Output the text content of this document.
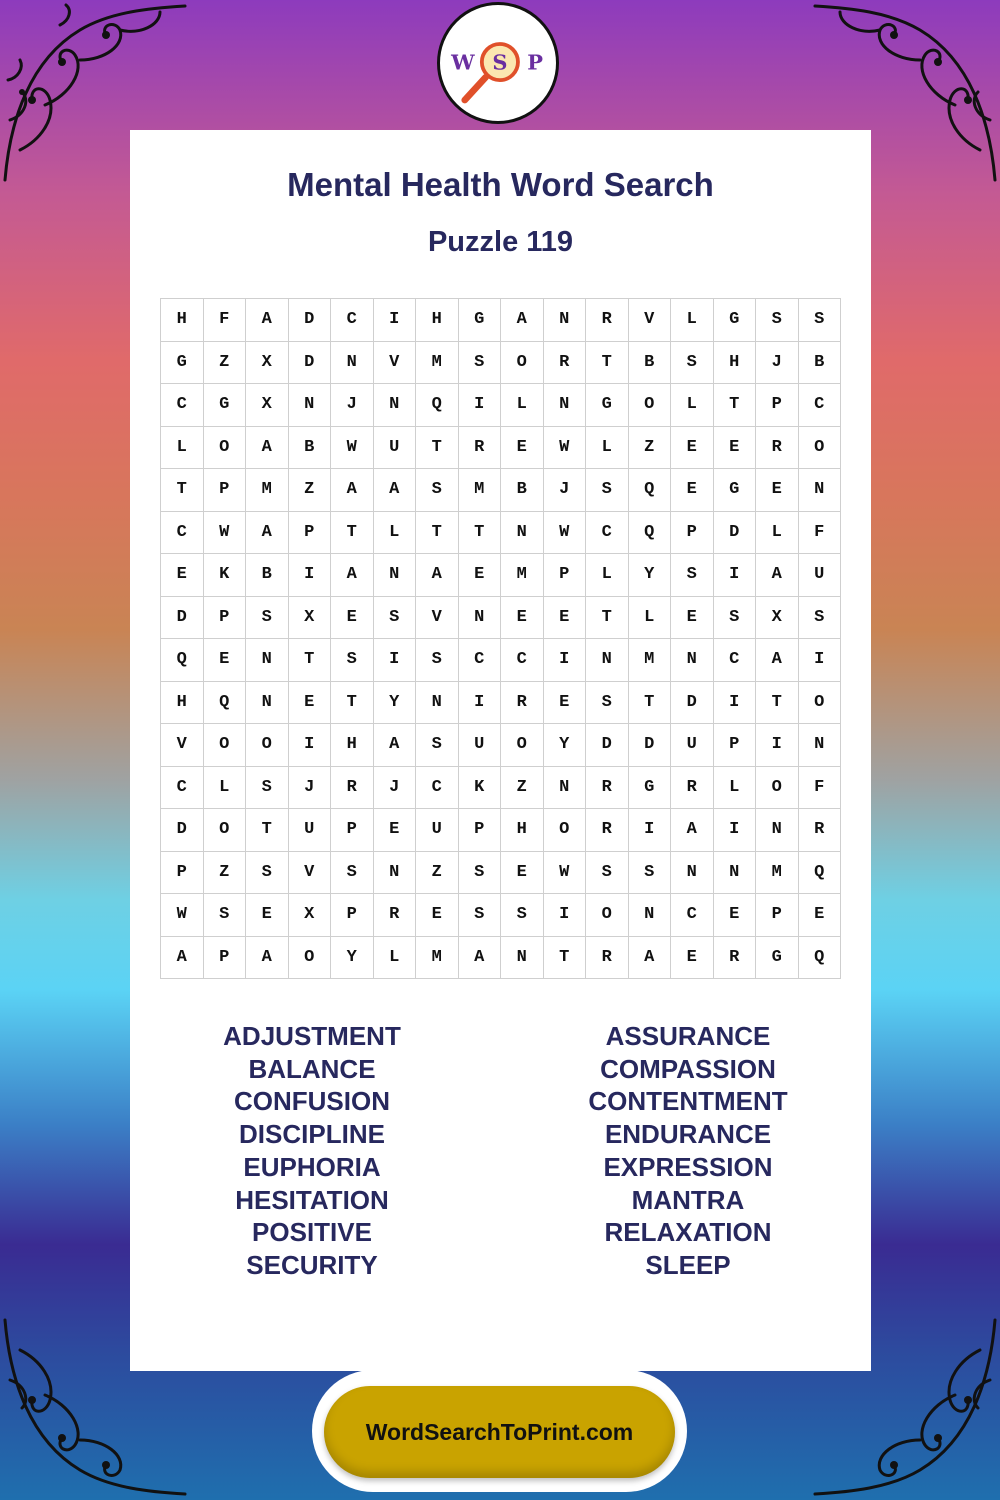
W S P
Mental Health Word Search
Puzzle 119
H	F	A	D	C	I	H	G	A	N	R	V	L	G	S	S
G	Z	X	D	N	V	M	S	O	R	T	B	S	H	J	B
C	G	X	N	J	N	Q	I	L	N	G	O	L	T	P	C
L	O	A	B	W	U	T	R	E	W	L	Z	E	E	R	O
T	P	M	Z	A	A	S	M	B	J	S	Q	E	G	E	N
C	W	A	P	T	L	T	T	N	W	C	Q	P	D	L	F
E	K	B	I	A	N	A	E	M	P	L	Y	S	I	A	U
D	P	S	X	E	S	V	N	E	E	T	L	E	S	X	S
Q	E	N	T	S	I	S	C	C	I	N	M	N	C	A	I
H	Q	N	E	T	Y	N	I	R	E	S	T	D	I	T	O
V	O	O	I	H	A	S	U	O	Y	D	D	U	P	I	N
C	L	S	J	R	J	C	K	Z	N	R	G	R	L	O	F
D	O	T	U	P	E	U	P	H	O	R	I	A	I	N	R
P	Z	S	V	S	N	Z	S	E	W	S	S	N	N	M	Q
W	S	E	X	P	R	E	S	S	I	O	N	C	E	P	E
A	P	A	O	Y	L	M	A	N	T	R	A	E	R	G	Q
ADJUSTMENT
BALANCE
CONFUSION
DISCIPLINE
EUPHORIA
HESITATION
POSITIVE
SECURITY
ASSURANCE
COMPASSION
CONTENTMENT
ENDURANCE
EXPRESSION
MANTRA
RELAXATION
SLEEP
WordSearchToPrint.com
